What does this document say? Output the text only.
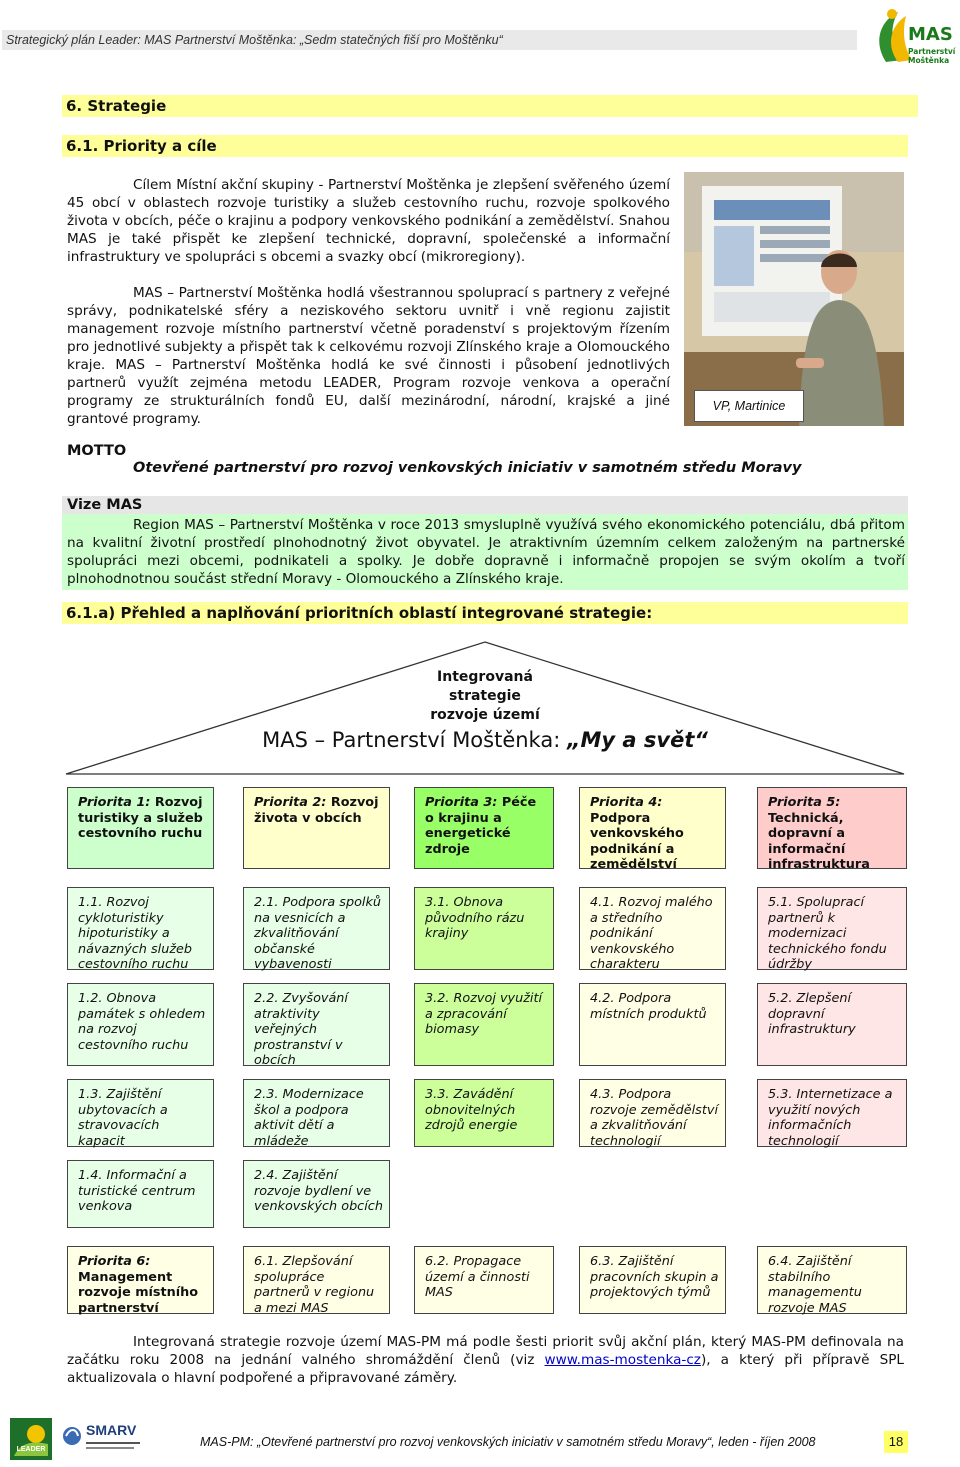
Strategický plán Leader: MAS Partnerství Moštěnka: „Sedm statečných fiší pro Moštěnku“	MAS
Partnerství
Moštěnka
6. Strategie
6.1. Priority a cíle

Cílem Místní akční skupiny - Partnerství Moštěnka je zlepšení svěřeného území 45 obcí v oblastech rozvoje turistiky a služeb cestovního ruchu, rozvoje spolkového života v obcích, péče o krajinu a podpory venkovského podnikání a zemědělství. Snahou MAS je také přispět ke zlepšení technické, dopravní, společenské a informační infrastruktury ve spolupráci s obcemi a svazky obcí (mikroregiony).

MAS – Partnerství Moštěnka hodlá všestrannou spoluprací s partnery z veřejné správy, podnikatelské sféry a neziskového sektoru uvnitř i vně regionu zajistit management rozvoje místního partnerství včetně poradenství s projektovým řízením pro jednotlivé subjekty a přispět tak k celkovému rozvoji Zlínského kraje a Olomouckého kraje. MAS – Partnerství Moštěnka hodlá ke své činnosti i působení jednotlivých partnerů využít zejména metodu LEADER, Program rozvoje venkova a operační programy ze strukturálních fondů EU, další mezinárodní, národní, krajské a jiné grantové programy.

VP, Martinice
MOTTO
Otevřené partnerství pro rozvoj venkovských iniciativ v samotném středu Moravy
Vize MAS

Region MAS – Partnerství Moštěnka v roce 2013 smysluplně využívá svého ekonomického potenciálu, dbá přitom na kvalitní životní prostředí plnohodnotný život obyvatel. Je atraktivním územním celkem založeným na partnerské spolupráci mezi obcemi, podnikateli a spolky. Je dobře dopravně i informačně propojen se svým okolím a tvoří plnohodnotnou součást střední Moravy - Olomouckého a Zlínského kraje.

6.1.a) Přehled a naplňování prioritních oblastí integrované strategie:
Integrovaná
strategie
rozvoje území
MAS – Partnerství Moštěnka: „My a svět“
Priorita 1: Rozvoj turistiky a služeb cestovního ruchu
Priorita 2: Rozvoj života v obcích
Priorita 3: Péče o krajinu a energetické zdroje
Priorita 4: Podpora venkovského podnikání a zemědělství
Priorita 5: Technická, dopravní a informační infrastruktura
1.1. Rozvoj cykloturistiky hipoturistiky a návazných služeb cestovního ruchu
2.1. Podpora spolků na vesnicích a zkvalitňování občanské vybavenosti
3.1. Obnova původního rázu krajiny
4.1. Rozvoj malého a středního podnikání venkovského charakteru
5.1. Spoluprací partnerů k modernizaci technického fondu údržby
1.2. Obnova památek s ohledem na rozvoj cestovního ruchu
2.2. Zvyšování atraktivity veřejných prostranství v obcích
3.2. Rozvoj využití a zpracování biomasy
4.2. Podpora místních produktů
5.2. Zlepšení dopravní infrastruktury
1.3. Zajištění ubytovacích a stravovacích kapacit
2.3. Modernizace škol a podpora aktivit dětí a mládeže
3.3. Zavádění obnovitelných zdrojů energie
4.3. Podpora rozvoje zemědělství a zkvalitňování technologií
5.3. Internetizace a využití nových informačních technologií
1.4. Informační a turistické centrum venkova
2.4. Zajištění rozvoje bydlení ve venkovských obcích
Priorita 6: Management rozvoje místního partnerství
6.1. Zlepšování spolupráce partnerů v regionu a mezi MAS
6.2. Propagace území a činnosti MAS
6.3. Zajištění pracovních skupin a projektových týmů
6.4. Zajištění stabilního managementu rozvoje MAS

Integrovaná strategie rozvoje území MAS-PM má podle šesti priorit svůj akční plán, který MAS-PM definovala na začátku roku 2008 na jednání valného shromáždění členů (viz www.mas-mostenka-cz), a který při přípravě SPL aktualizovala o hlavní podpořené a připravované záměry.

LEADER
SMARV
MAS-PM: „Otevřené partnerství pro rozvoj venkovských iniciativ v samotném středu Moravy“, leden - říjen 2008	18
